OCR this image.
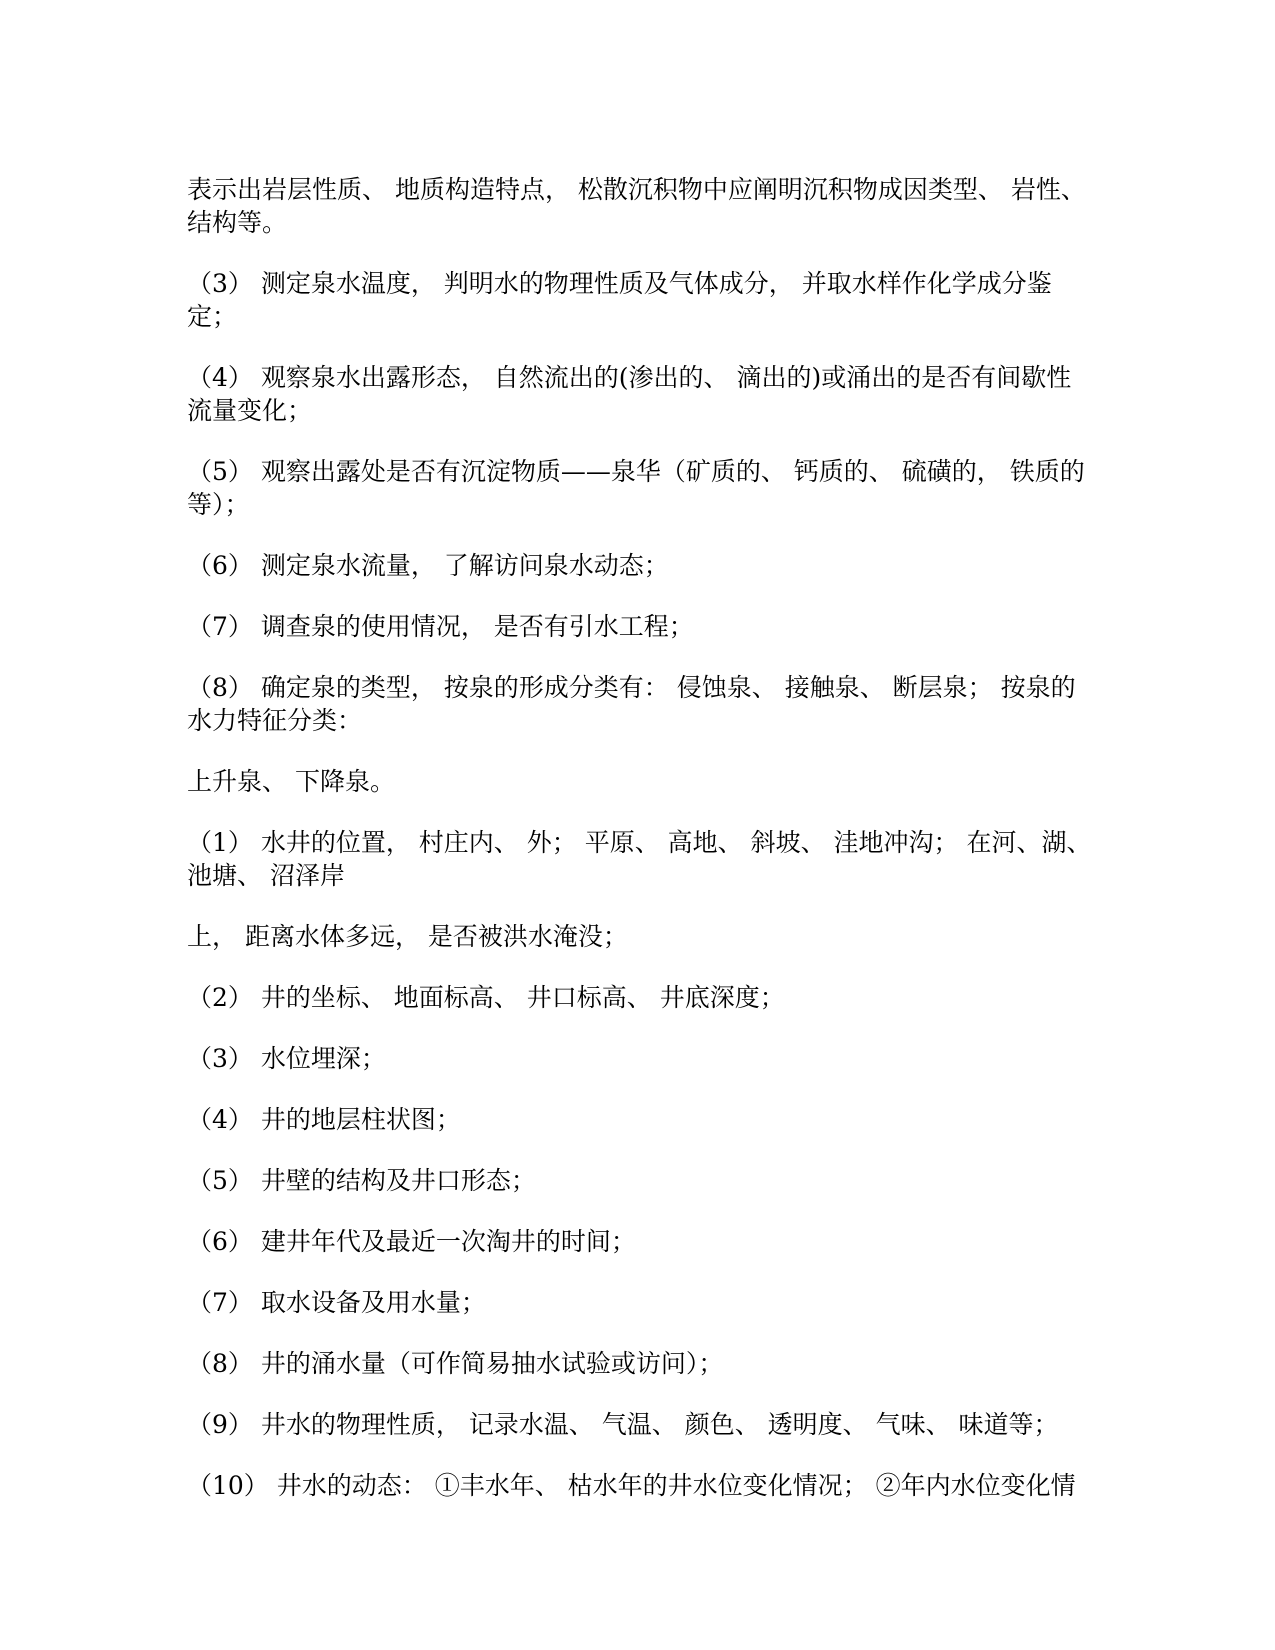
表示出岩层性质、 地质构造特点， 松散沉积物中应阐明沉积物成因类型、 岩性、结构等。

（3） 测定泉水温度， 判明水的物理性质及气体成分， 并取水样作化学成分鉴定；

（4） 观察泉水出露形态， 自然流出的(渗出的、 滴出的)或涌出的是否有间歇性流量变化；

（5） 观察出露处是否有沉淀物质——泉华（矿质的、 钙质的、 硫磺的， 铁质的等）；

（6） 测定泉水流量， 了解访问泉水动态；

（7） 调查泉的使用情况， 是否有引水工程；

（8） 确定泉的类型， 按泉的形成分类有： 侵蚀泉、 接触泉、 断层泉； 按泉的水力特征分类：

上升泉、 下降泉。

（1） 水井的位置， 村庄内、 外； 平原、 高地、 斜坡、 洼地冲沟； 在河、湖、 池塘、 沼泽岸

上， 距离水体多远， 是否被洪水淹没；

（2） 井的坐标、 地面标高、 井口标高、 井底深度；

（3） 水位埋深；

（4） 井的地层柱状图；

（5） 井壁的结构及井口形态；

（6） 建井年代及最近一次淘井的时间；

（7） 取水设备及用水量；

（8） 井的涌水量（可作简易抽水试验或访问）；

（9） 井水的物理性质， 记录水温、 气温、 颜色、 透明度、 气味、 味道等；

（10） 井水的动态： ①丰水年、 枯水年的井水位变化情况； ②年内水位变化情
